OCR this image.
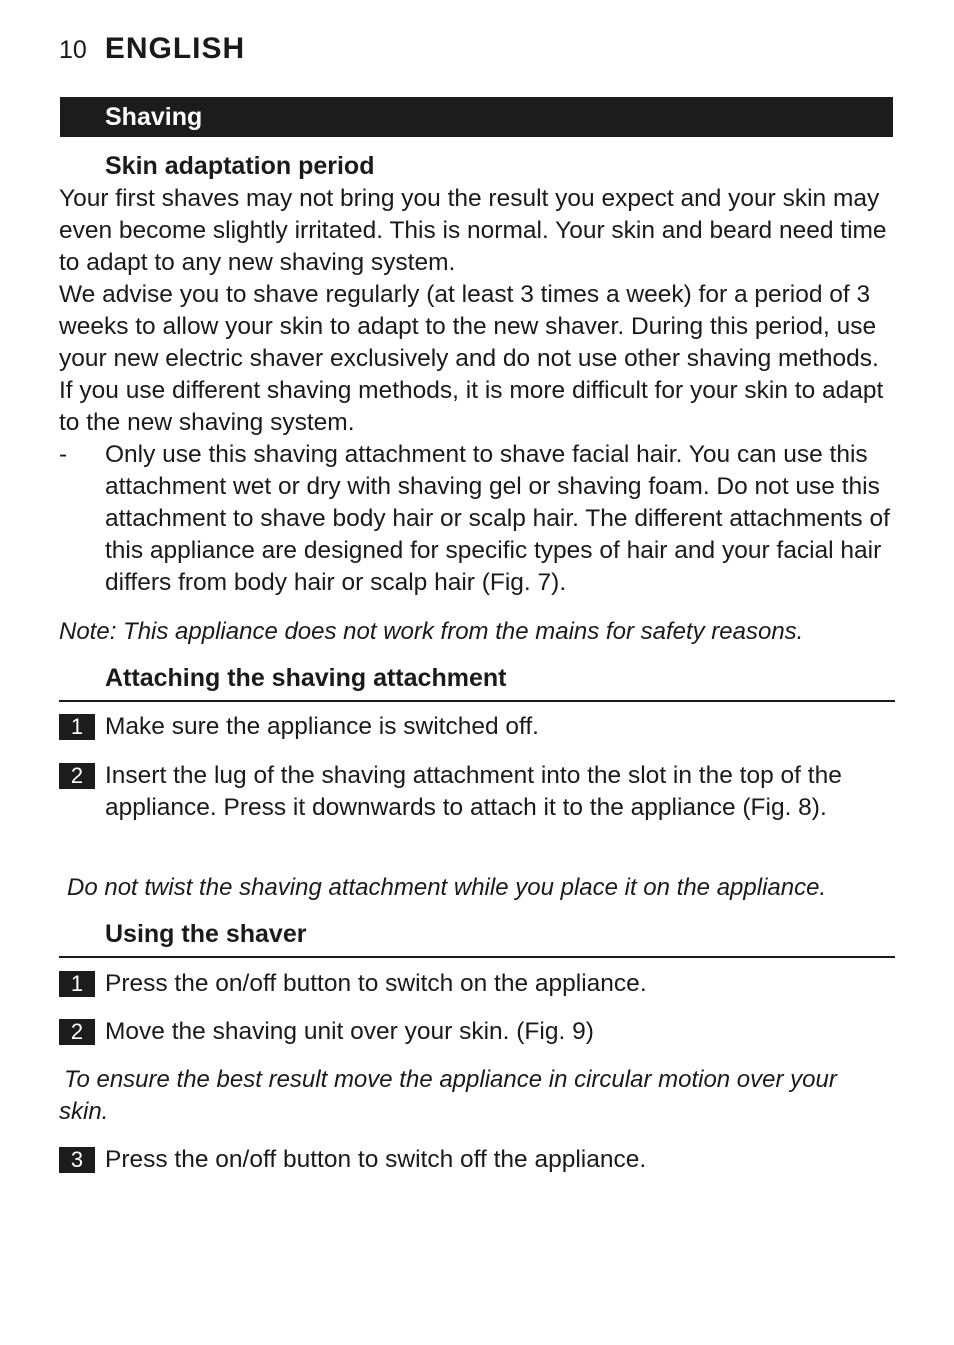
10 ENGLISH
Shaving
Skin adaptation period
Your first shaves may not bring you the result you expect and your skin may even become slightly irritated. This is normal. Your skin and beard need time to adapt to any new shaving system.
We advise you to shave regularly (at least 3 times a week) for a period of 3 weeks to allow your skin to adapt to the new shaver. During this period, use your new electric shaver exclusively and do not use other shaving methods. If you use different shaving methods, it is more difficult for your skin to adapt to the new shaving system.
-	Only use this shaving attachment to shave facial hair. You can use this attachment wet or dry with shaving gel or shaving foam. Do not use this attachment to shave body hair or scalp hair. The different attachments of this appliance are designed for specific types of hair and your facial hair differs from body hair or scalp hair (Fig. 7).
Note: This appliance does not work from the mains for safety reasons.
Attaching the shaving attachment
1 Make sure the appliance is switched off.
2 Insert the lug of the shaving attachment into the slot in the top of the appliance. Press it downwards to attach it to the appliance (Fig. 8).
Do not twist the shaving attachment while you place it on the appliance.
Using the shaver
1 Press the on/off button to switch on the appliance.
2 Move the shaving unit over your skin. (Fig. 9)
To ensure the best result move the appliance in circular motion over your skin.
3 Press the on/off button to switch off the appliance.
